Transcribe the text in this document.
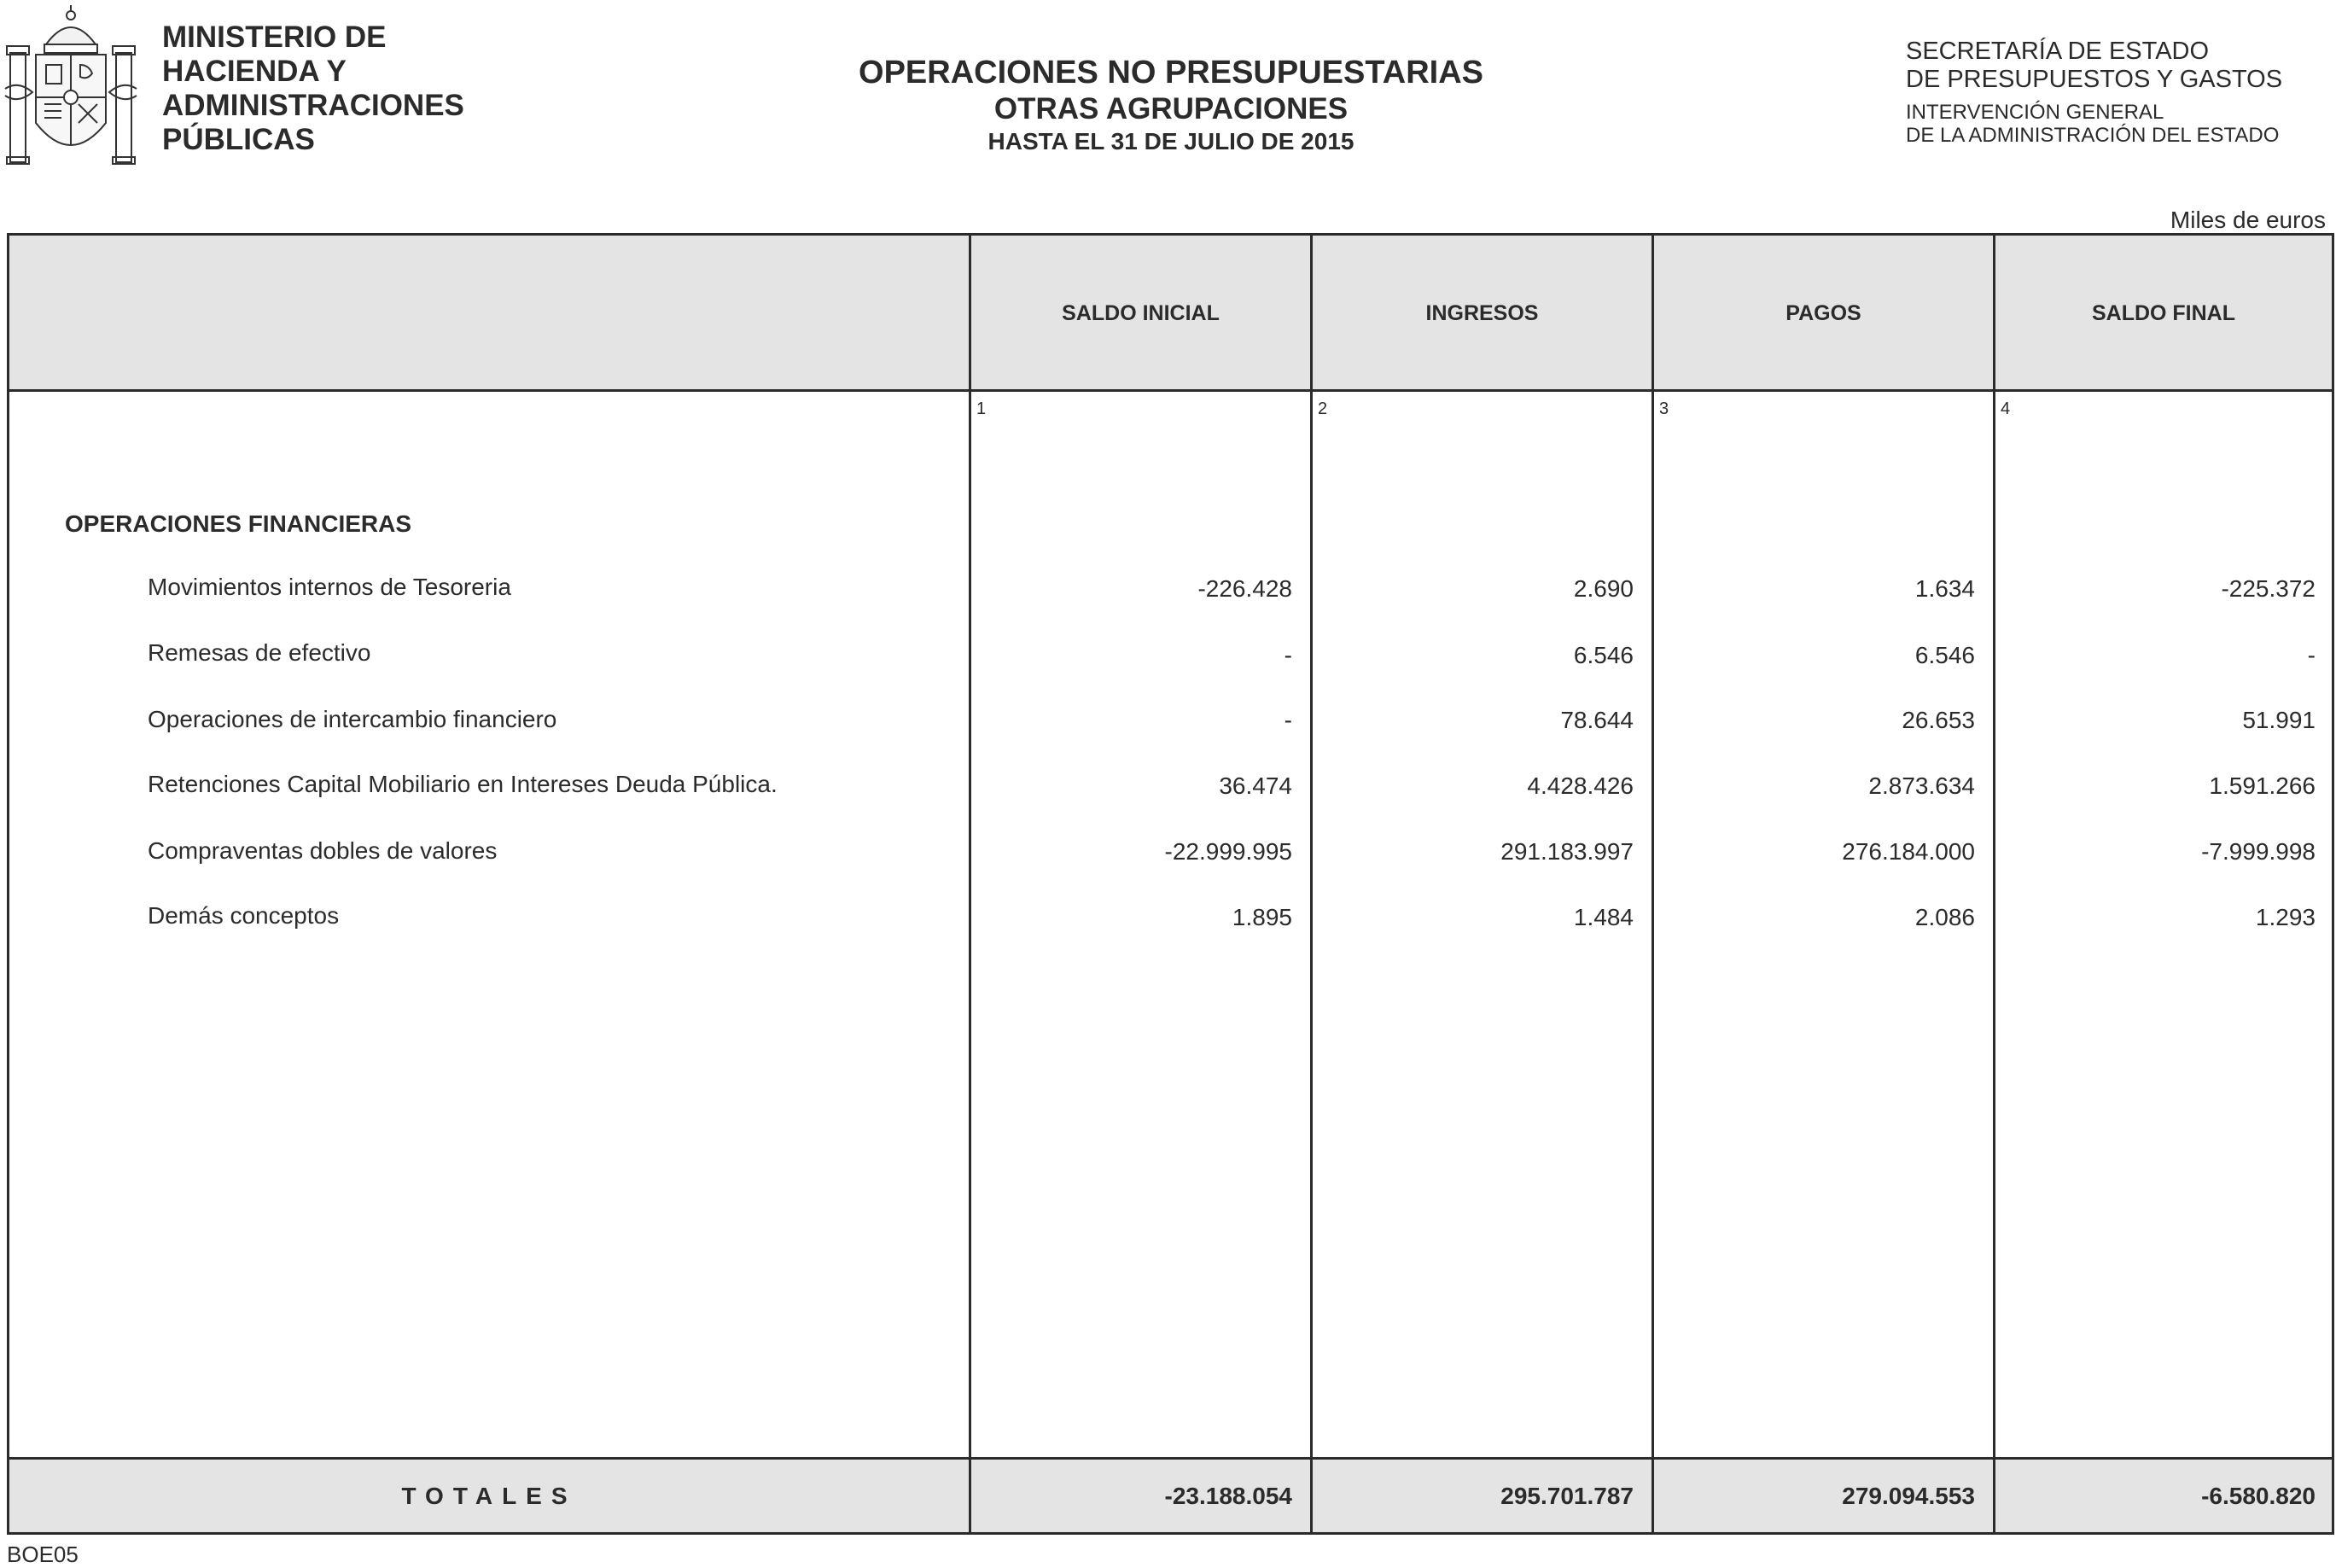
MINISTERIO DE
HACIENDA Y
ADMINISTRACIONES
PÚBLICAS
OPERACIONES NO PRESUPUESTARIAS
OTRAS AGRUPACIONES
HASTA EL 31 DE JULIO DE 2015
SECRETARÍA DE ESTADO
DE PRESUPUESTOS Y GASTOS
INTERVENCIÓN GENERAL
DE LA ADMINISTRACIÓN DEL ESTADO
Miles de euros
SALDO INICIAL	INGRESOS	PAGOS	SALDO FINAL
1	2	3	4
OPERACIONES FINANCIERAS
Movimientos internos de Tesoreria	-226.428	2.690	1.634	-225.372
Remesas de efectivo	-	6.546	6.546	-
Operaciones de intercambio financiero	-	78.644	26.653	51.991
Retenciones Capital Mobiliario en Intereses Deuda Pública.	36.474	4.428.426	2.873.634	1.591.266
Compraventas dobles de valores	-22.999.995	291.183.997	276.184.000	-7.999.998
Demás conceptos	1.895	1.484	2.086	1.293
TOTALES	-23.188.054	295.701.787	279.094.553	-6.580.820
BOE05
